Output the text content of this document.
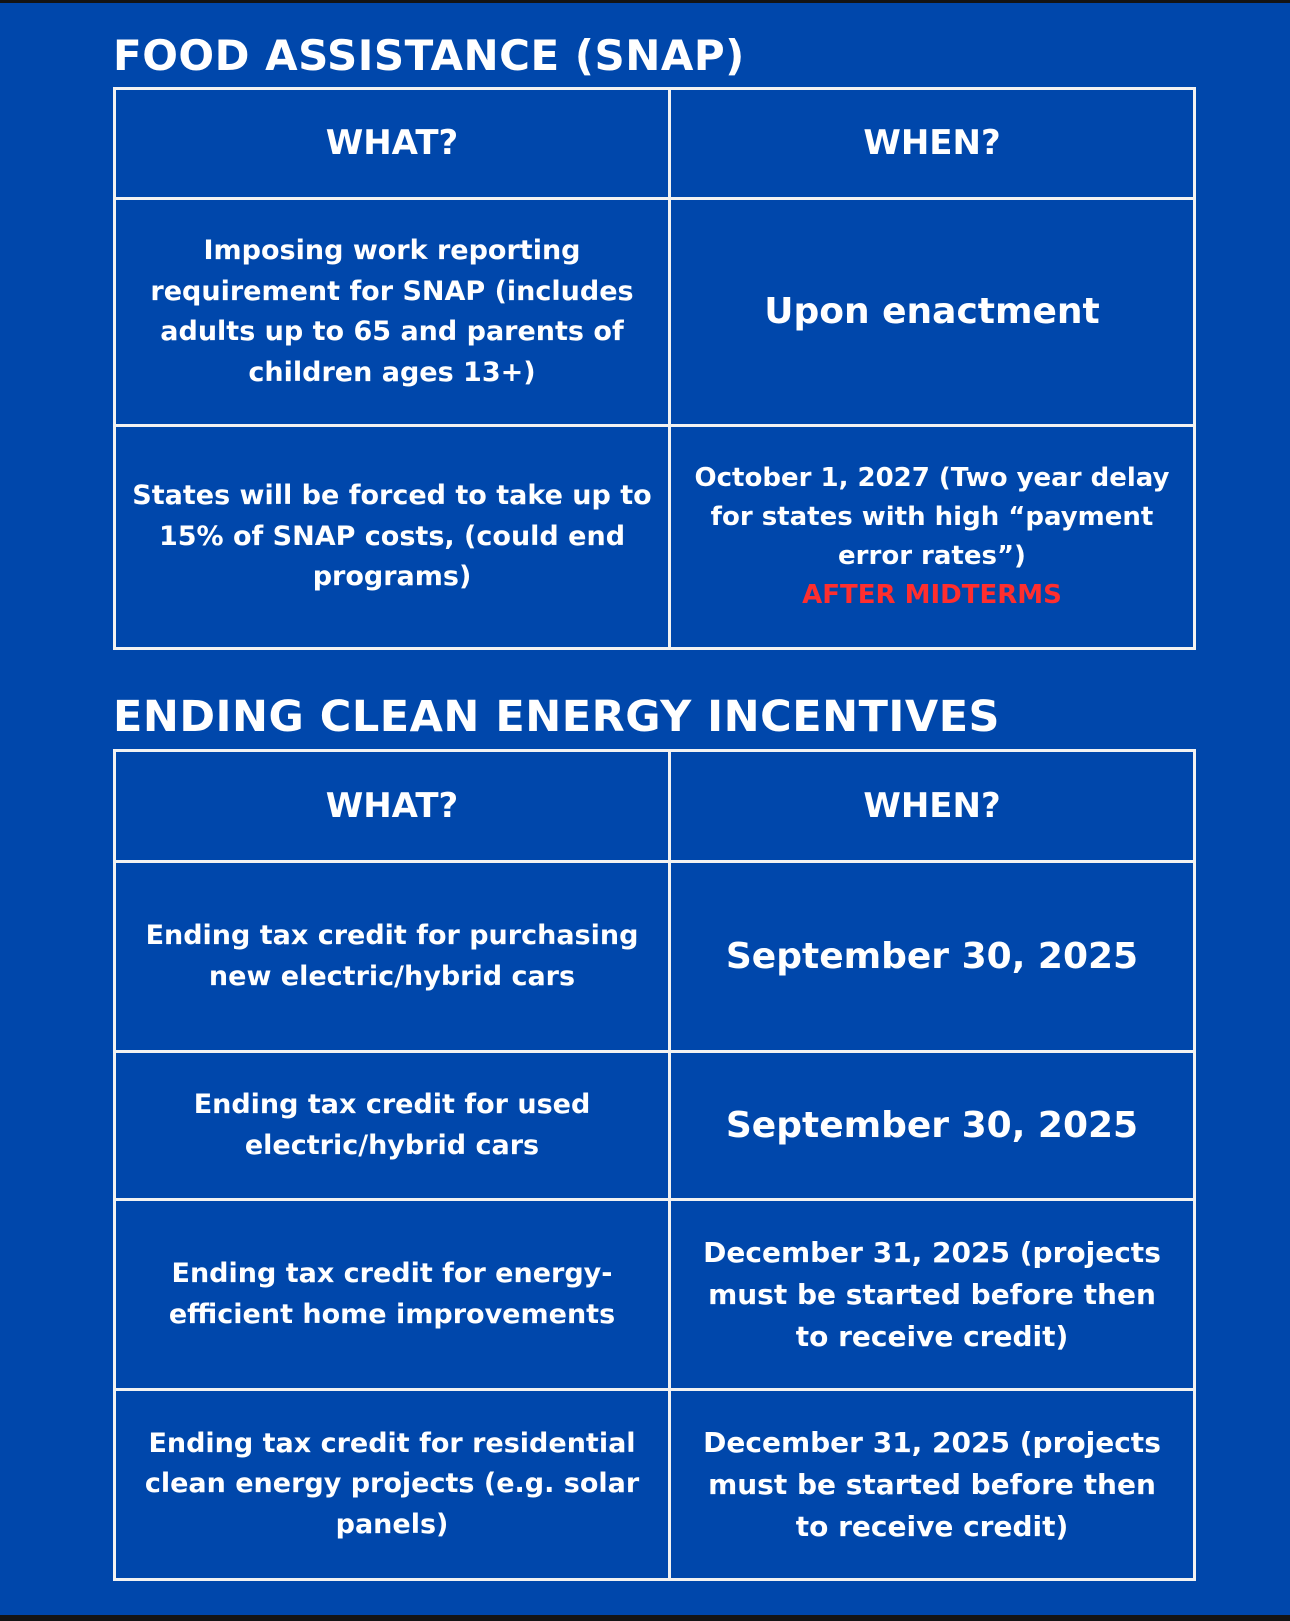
FOOD ASSISTANCE (SNAP)
WHAT?	WHEN?
Imposing work reporting requirement for SNAP (includes adults up to 65 and parents of children ages 13+)	Upon enactment
States will be forced to take up to 15% of SNAP costs, (could end programs)	October 1, 2027 (Two year delay for states with high “payment error rates”)
AFTER MIDTERMS
ENDING CLEAN ENERGY INCENTIVES
WHAT?	WHEN?
Ending tax credit for purchasing new electric/hybrid cars	September 30, 2025
Ending tax credit for used electric/hybrid cars	September 30, 2025
Ending tax credit for energy-efficient home improvements	December 31, 2025 (projects must be started before then to receive credit)
Ending tax credit for residential clean energy projects (e.g. solar panels)	December 31, 2025 (projects must be started before then to receive credit)
